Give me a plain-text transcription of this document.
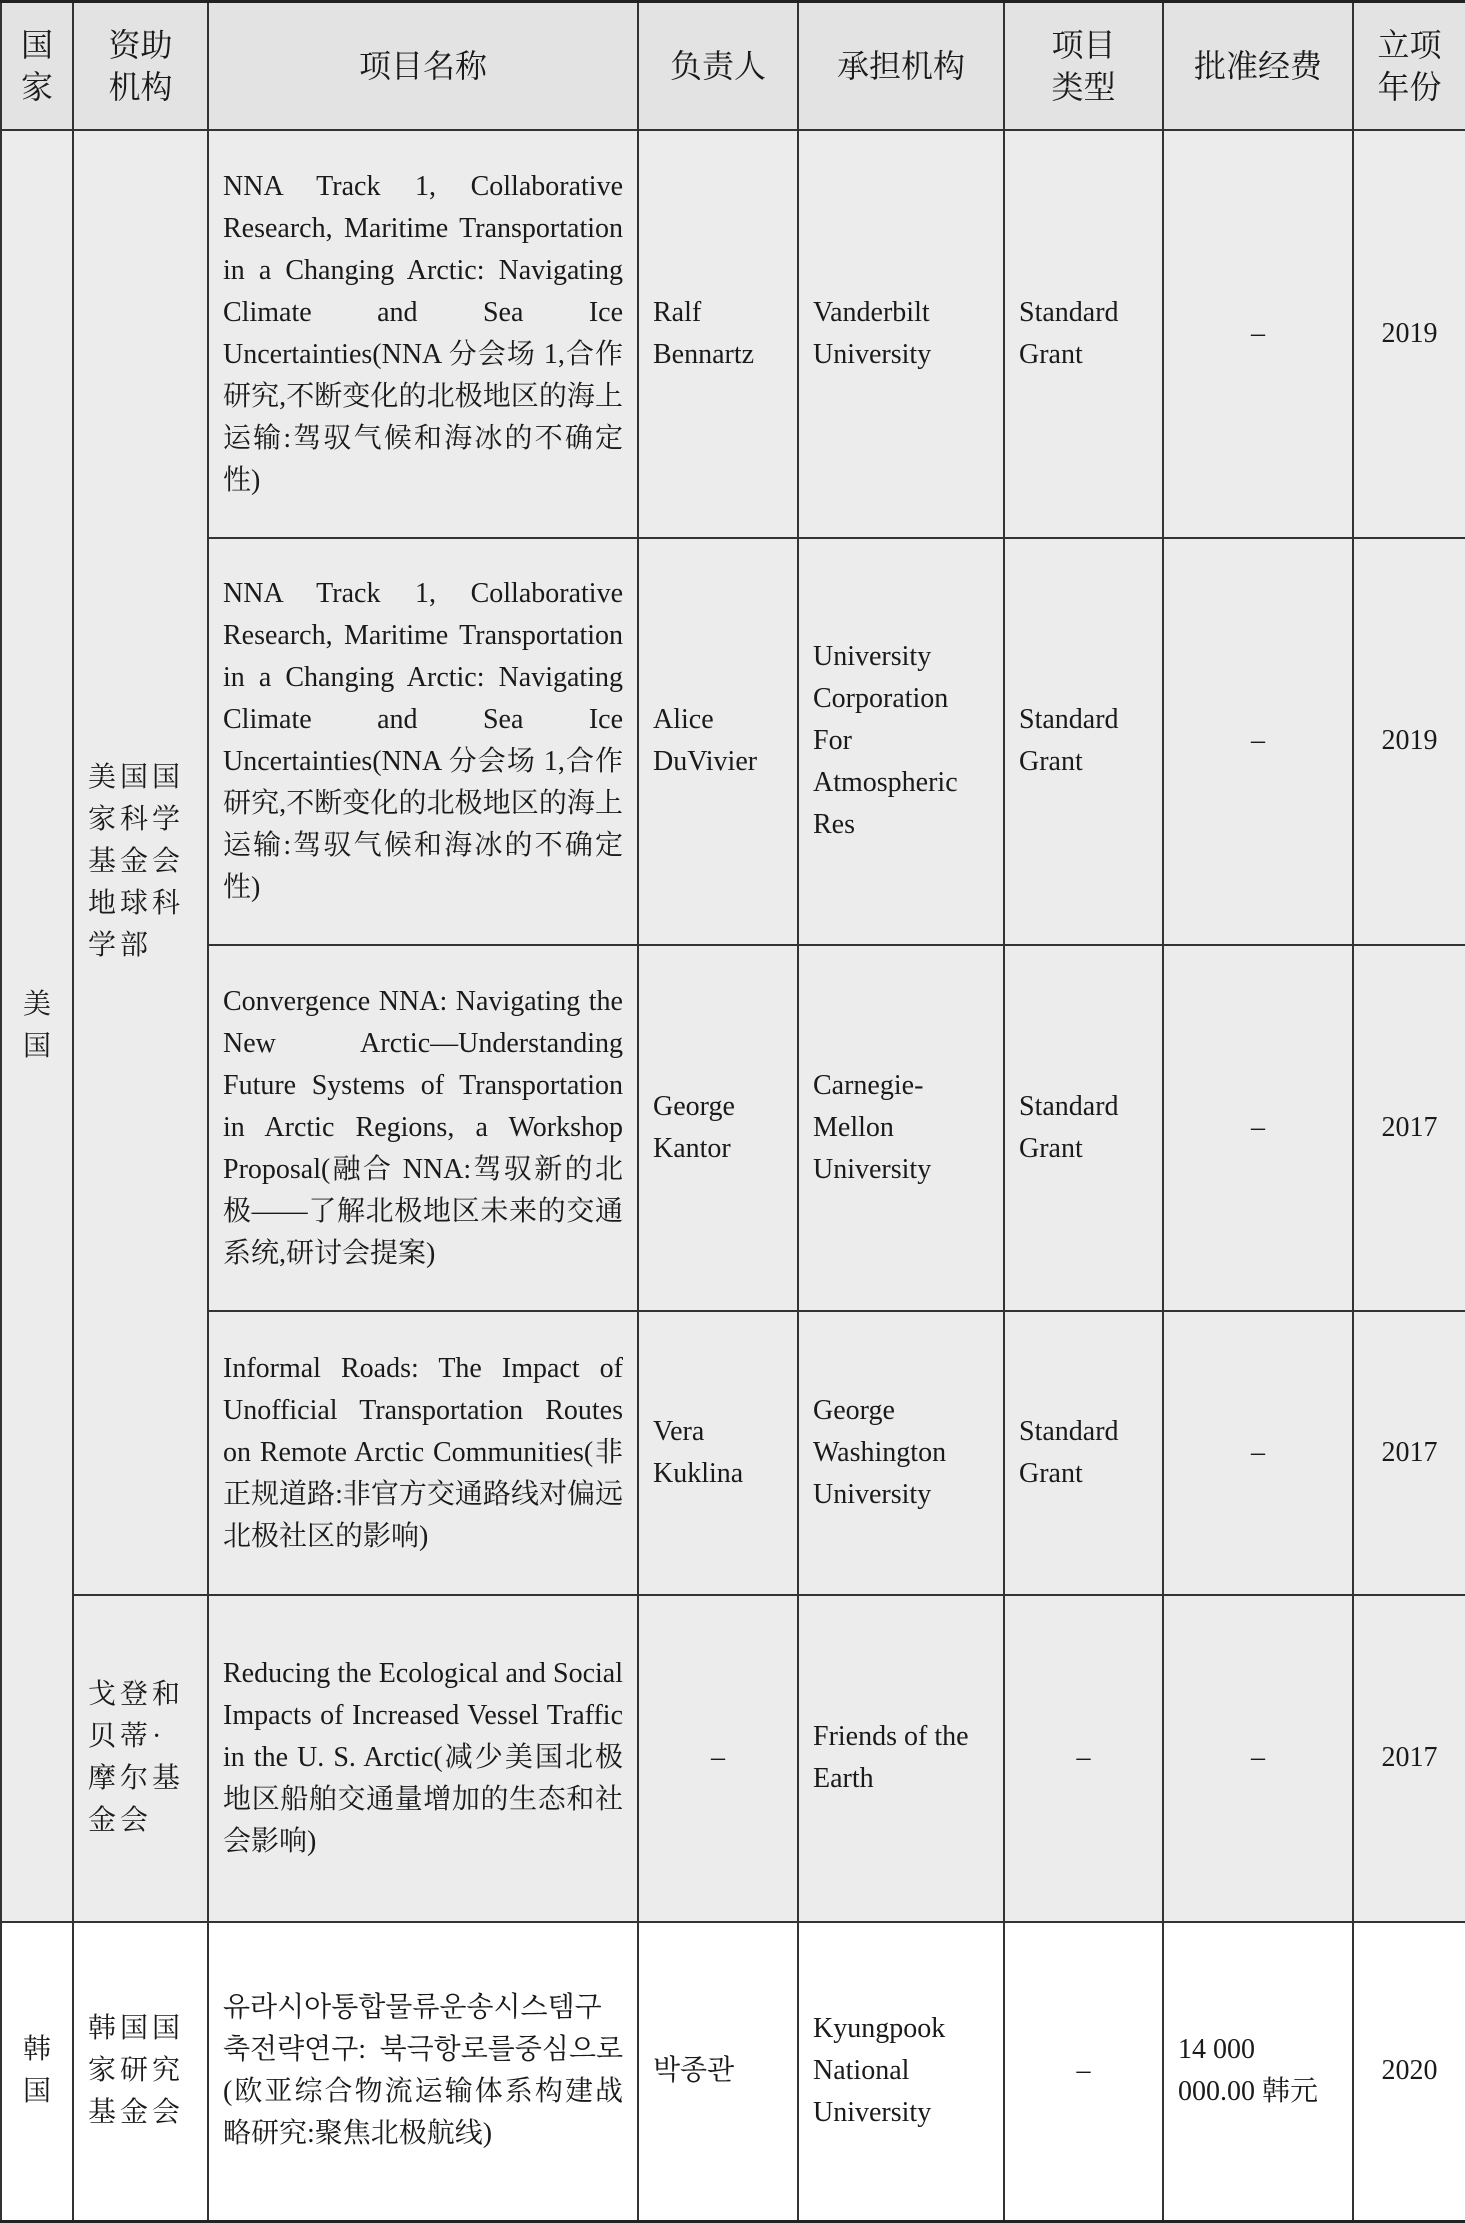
国家	资助机构	项目名称	负责人	承担机构	项目类型	批准经费	立项年份

美国	美国国家科学基金会地球科学部	NNA Track 1, Collaborative Research, Maritime Transportation in a Changing Arctic: Navigating Climate and Sea Ice Uncertainties(NNA 分会场 1,合作研究,不断变化的北极地区的海上运输:驾驭气候和海冰的不确定性)	Ralf Bennartz	Vanderbilt University	Standard Grant	–	2019
		NNA Track 1, Collaborative Research, Maritime Transportation in a Changing Arctic: Navigating Climate and Sea Ice Uncertainties(NNA 分会场 1,合作研究,不断变化的北极地区的海上运输:驾驭气候和海冰的不确定性)	Alice DuVivier	University Corporation For Atmospheric Res	Standard Grant	–	2019
		Convergence NNA: Navigating the New Arctic—Understanding Future Systems of Transportation in Arctic Regions, a Workshop Proposal(融合 NNA:驾驭新的北极——了解北极地区未来的交通系统,研讨会提案)	George Kantor	Carnegie-Mellon University	Standard Grant	–	2017
		Informal Roads: The Impact of Unofficial Transportation Routes on Remote Arctic Communities(非正规道路:非官方交通路线对偏远北极社区的影响)	Vera Kuklina	George Washington University	Standard Grant	–	2017

	戈登和贝蒂·摩尔基金会	Reducing the Ecological and Social Impacts of Increased Vessel Traffic in the U. S. Arctic(减少美国北极地区船舶交通量增加的生态和社会影响)	–	Friends of the Earth	–	–	2017

韩国	韩国国家研究基金会	유라시아통합물류운송시스템구축전략연구: 북극항로를중심으로(欧亚综合物流运输体系构建战略研究:聚焦北极航线)	박종관	Kyungpook National University	–	14 000 000.00 韩元	2020
